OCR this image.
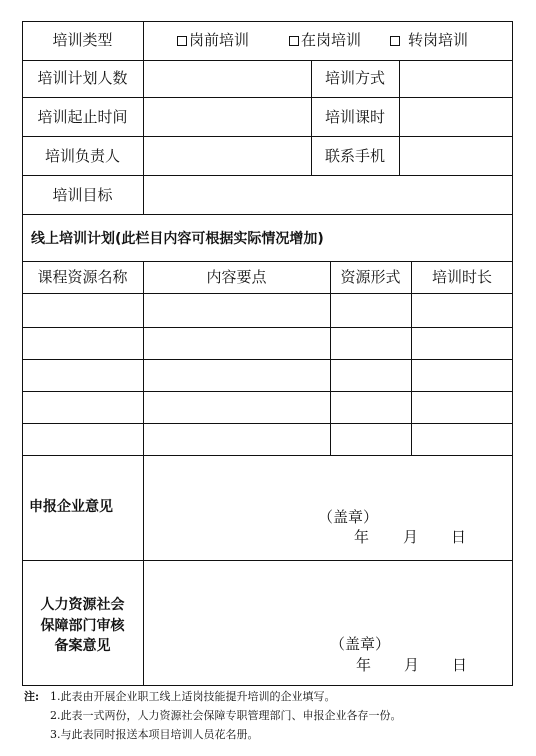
培训类型	岗前培训	在岗培训	转岗培训
培训计划人数	培训方式
培训起止时间	培训课时
培训负责人	联系手机
培训目标
线上培训计划(此栏目内容可根据实际情况增加)
课程资源名称	内容要点	资源形式	培训时长
申报企业意见
（盖章）
年 月 日
人力资源社会
保障部门审核
备案意见	（盖章）
年 月 日
注: 1.此表由开展企业职工线上适岗技能提升培训的企业填写。
2.此表一式两份，人力资源社会保障专职管理部门、申报企业各存一份。
3.与此表同时报送本项目培训人员花名册。
